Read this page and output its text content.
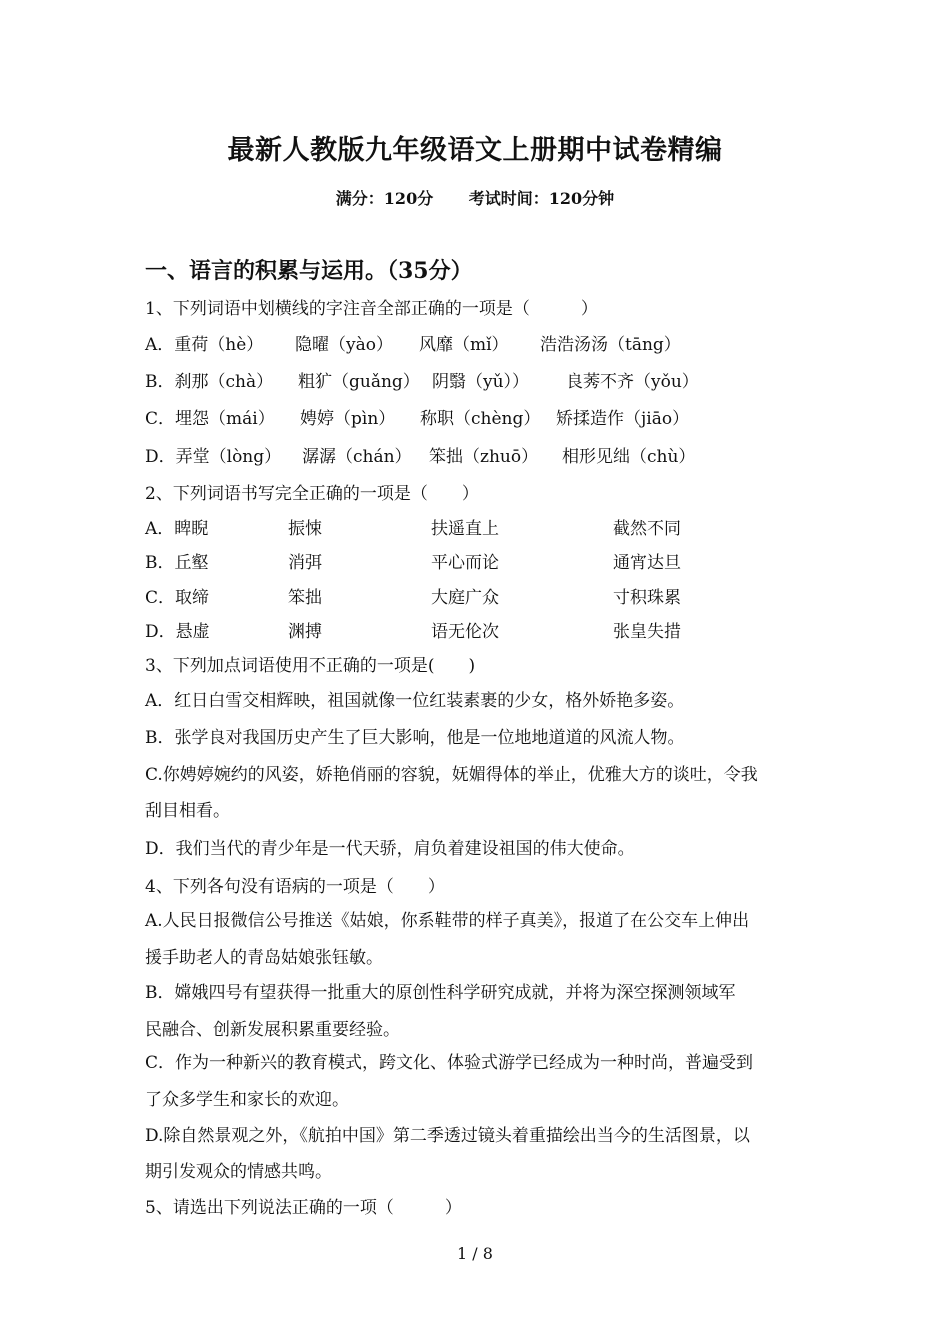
最新人教版九年级语文上册期中试卷精编
满分：120分 考试时间：120分钟
一、语言的积累与运用。（35分）
1、下列词语中划横线的字注音全部正确的一项是（　　　）
A．重荷（hè） 隐曜（yào） 风靡（mǐ） 浩浩汤汤（tāng）
B．刹那（chà） 粗犷（guǎng） 阴翳（yǔ）） 良莠不齐（yǒu）
C．埋怨（mái） 娉婷（pìn） 称职（chèng） 矫揉造作（jiāo）
D．弄堂（lòng） 潺潺（chán） 笨拙（zhuō） 相形见绌（chù）
2、下列词语书写完全正确的一项是（　　）
A．睥睨	振悚	扶遥直上	截然不同
B．丘壑	消弭	平心而论	通宵达旦
C．取缔	笨拙	大庭广众	寸积珠累
D．悬虚	渊搏	语无伦次	张皇失措
3、下列加点词语使用不正确的一项是(　　)
A．红日白雪交相辉映，祖国就像一位红装素裹的少女，格外娇艳多姿。
B．张学良对我国历史产生了巨大影响，他是一位地地道道的风流人物。
C.你娉婷婉约的风姿，娇艳俏丽的容貌，妩媚得体的举止，优雅大方的谈吐，令我
刮目相看。
D．我们当代的青少年是一代天骄，肩负着建设祖国的伟大使命。
4、下列各句没有语病的一项是（　　）
A.人民日报微信公号推送《姑娘，你系鞋带的样子真美》，报道了在公交车上伸出
援手助老人的青岛姑娘张钰敏。
B．嫦娥四号有望获得一批重大的原创性科学研究成就，并将为深空探测领域军
民融合、创新发展积累重要经验。
C．作为一种新兴的教育模式，跨文化、体验式游学已经成为一种时尚，普遍受到
了众多学生和家长的欢迎。
D.除自然景观之外，《航拍中国》第二季透过镜头着重描绘出当今的生活图景，以
期引发观众的情感共鸣。
5、请选出下列说法正确的一项（　　　）
1 / 8
